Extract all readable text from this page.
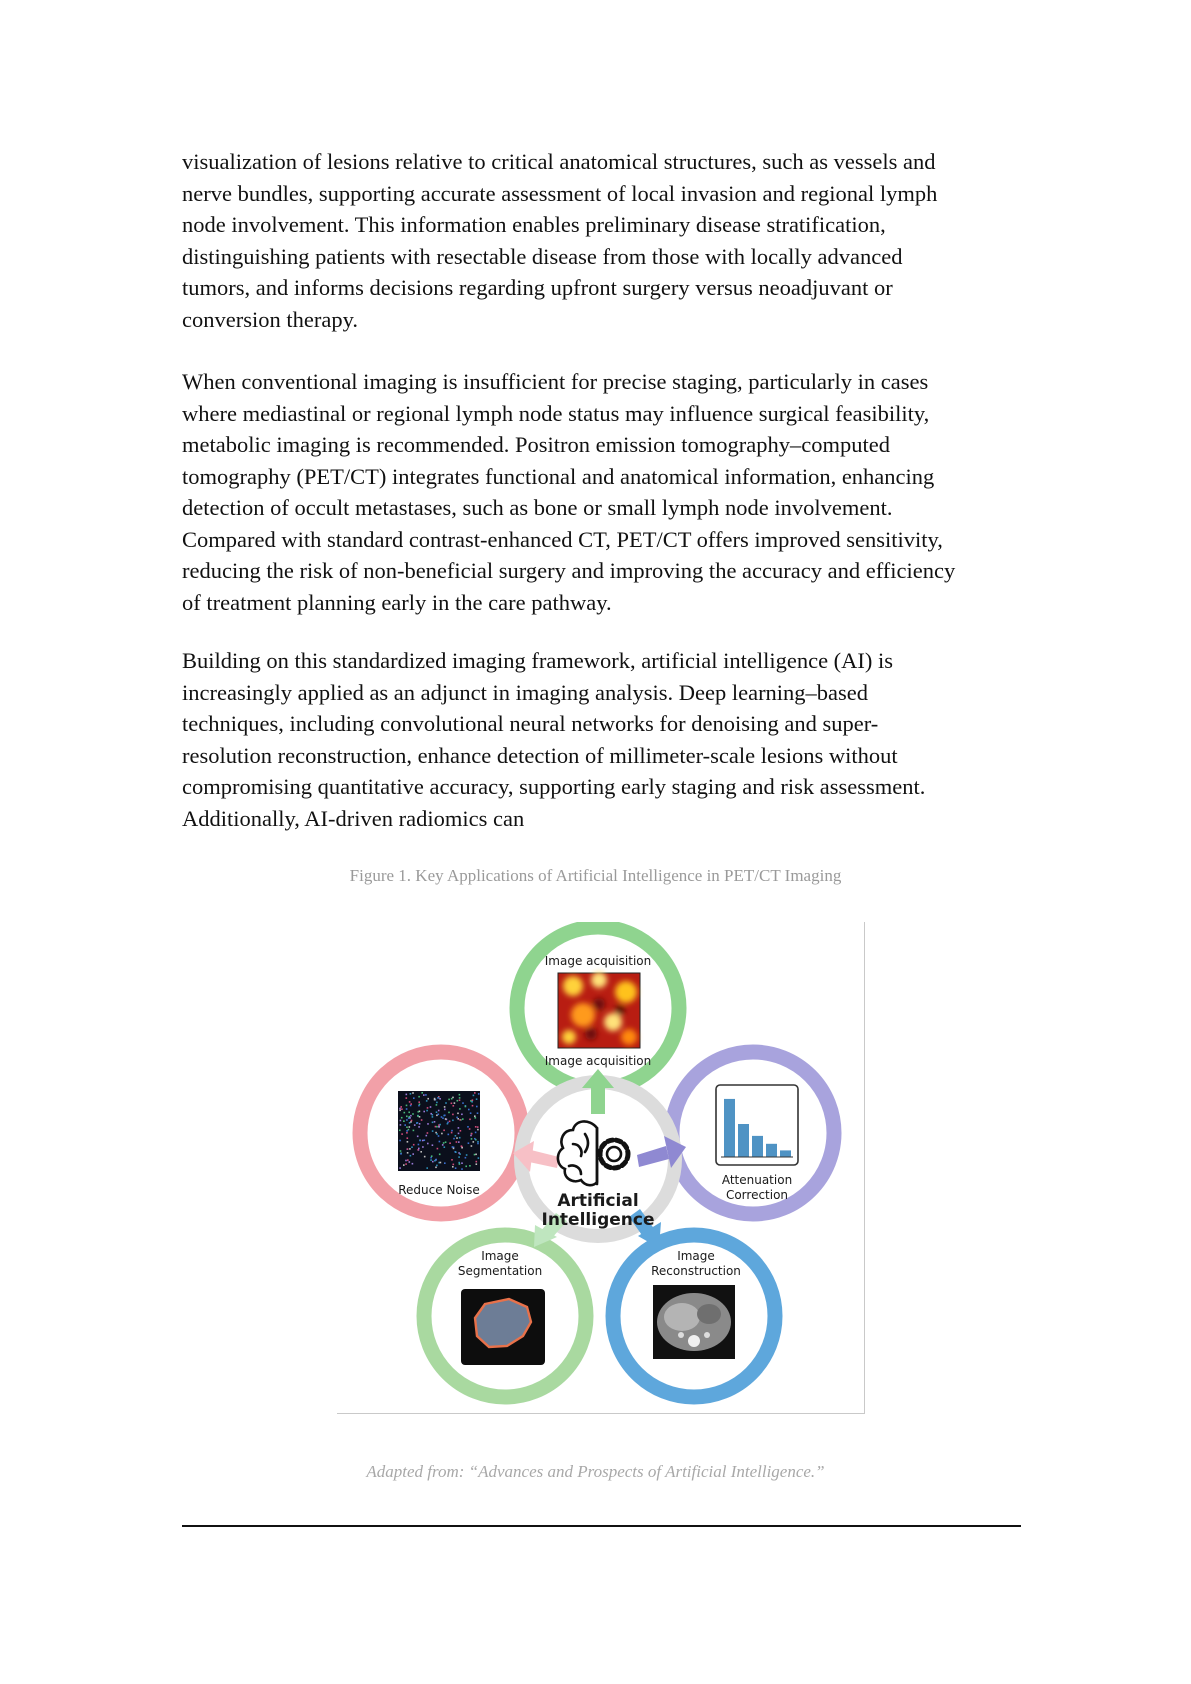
visualization of lesions relative to critical anatomical structures, such as vessels and
nerve bundles, supporting accurate assessment of local invasion and regional lymph
node involvement. This information enables preliminary disease stratification,
distinguishing patients with resectable disease from those with locally advanced
tumors, and informs decisions regarding upfront surgery versus neoadjuvant or
conversion therapy.
When conventional imaging is insufficient for precise staging, particularly in cases
where mediastinal or regional lymph node status may influence surgical feasibility,
metabolic imaging is recommended. Positron emission tomography–computed
tomography (PET/CT) integrates functional and anatomical information, enhancing
detection of occult metastases, such as bone or small lymph node involvement.
Compared with standard contrast-enhanced CT, PET/CT offers improved sensitivity,
reducing the risk of non-beneficial surgery and improving the accuracy and efficiency
of treatment planning early in the care pathway.
Building on this standardized imaging framework, artificial intelligence (AI) is
increasingly applied as an adjunct in imaging analysis. Deep learning–based
techniques, including convolutional neural networks for denoising and super-
resolution reconstruction, enhance detection of millimeter-scale lesions without
compromising quantitative accuracy, supporting early staging and risk assessment.
Additionally, AI-driven radiomics can
Figure 1. Key Applications of Artificial Intelligence in PET/CT Imaging
Artificial
Intelligence
Image acquisition
Image acquisition
Attenuation
Correction
Image
Reconstruction
Image
Segmentation
Reduce Noise
Adapted from: “Advances and Prospects of Artificial Intelligence.”
